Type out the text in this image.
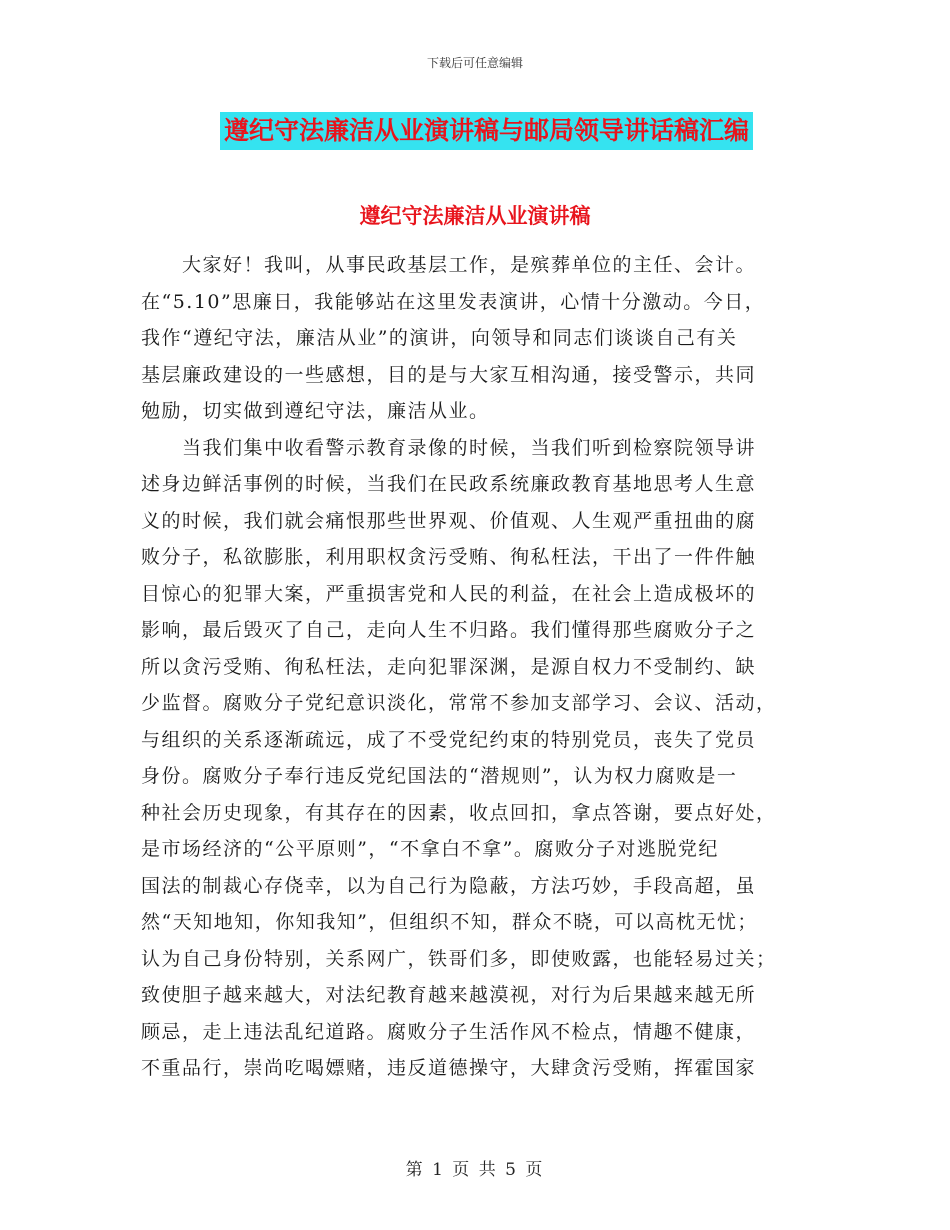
下载后可任意编辑
遵纪守法廉洁从业演讲稿与邮局领导讲话稿汇编
遵纪守法廉洁从业演讲稿
　　大家好！我叫，从事民政基层工作，是殡葬单位的主任、会计。
在“5.10”思廉日，我能够站在这里发表演讲，心情十分激动。今日，
我作“遵纪守法，廉洁从业”的演讲，向领导和同志们谈谈自己有关
基层廉政建设的一些感想，目的是与大家互相沟通，接受警示，共同
勉励，切实做到遵纪守法，廉洁从业。
　　当我们集中收看警示教育录像的时候，当我们听到检察院领导讲
述身边鲜活事例的时候，当我们在民政系统廉政教育基地思考人生意
义的时候，我们就会痛恨那些世界观、价值观、人生观严重扭曲的腐
败分子，私欲膨胀，利用职权贪污受贿、徇私枉法，干出了一件件触
目惊心的犯罪大案，严重损害党和人民的利益，在社会上造成极坏的
影响，最后毁灭了自己，走向人生不归路。我们懂得那些腐败分子之
所以贪污受贿、徇私枉法，走向犯罪深渊，是源自权力不受制约、缺
少监督。腐败分子党纪意识淡化，常常不参加支部学习、会议、活动，
与组织的关系逐渐疏远，成了不受党纪约束的特别党员，丧失了党员
身份。腐败分子奉行违反党纪国法的“潜规则”，认为权力腐败是一
种社会历史现象，有其存在的因素，收点回扣，拿点答谢，要点好处，
是市场经济的“公平原则”，“不拿白不拿”。腐败分子对逃脱党纪
国法的制裁心存侥幸，以为自己行为隐蔽，方法巧妙，手段高超，虽
然“天知地知，你知我知”，但组织不知，群众不晓，可以高枕无忧；
认为自己身份特别，关系网广，铁哥们多，即使败露，也能轻易过关；
致使胆子越来越大，对法纪教育越来越漠视，对行为后果越来越无所
顾忌，走上违法乱纪道路。腐败分子生活作风不检点，情趣不健康，
不重品行，崇尚吃喝嫖赌，违反道德操守，大肆贪污受贿，挥霍国家
第 1 页 共 5 页
